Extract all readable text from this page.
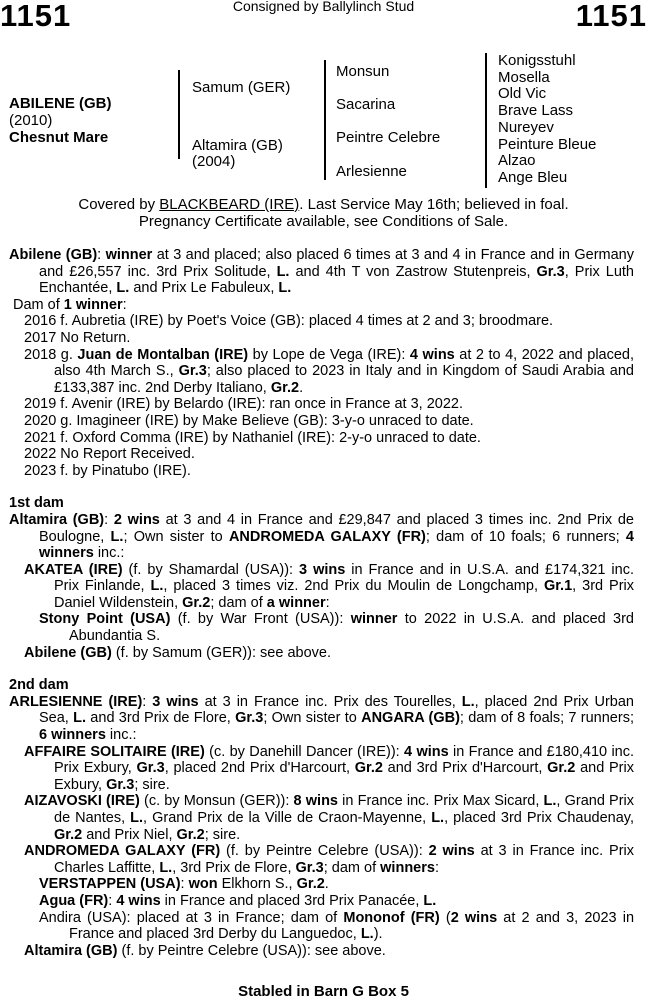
1151	Consigned by Ballylinch Stud	1151
ABILENE (GB)
(2010)
Chesnut Mare
Samum (GER)
Altamira (GB)
(2004)
Monsun
Sacarina
Peintre Celebre
Arlesienne
Konigsstuhl
Mosella
Old Vic
Brave Lass
Nureyev
Peinture Bleue
Alzao
Ange Bleu
Covered by BLACKBEARD (IRE). Last Service May 16th; believed in foal.
Pregnancy Certificate available, see Conditions of Sale.

Abilene (GB): winner at 3 and placed; also placed 6 times at 3 and 4 in France and in Germany and £26,557 inc. 3rd Prix Solitude, L. and 4th T von Zastrow Stutenpreis, Gr.3, Prix Luth Enchantée, L. and Prix Le Fabuleux, L.

Dam of 1 winner:

2016 f. Aubretia (IRE) by Poet's Voice (GB): placed 4 times at 2 and 3; broodmare.

2017 No Return.

2018 g. Juan de Montalban (IRE) by Lope de Vega (IRE): 4 wins at 2 to 4, 2022 and placed, also 4th March S., Gr.3; also placed to 2023 in Italy and in Kingdom of Saudi Arabia and £133,387 inc. 2nd Derby Italiano, Gr.2.

2019 f. Avenir (IRE) by Belardo (IRE): ran once in France at 3, 2022.

2020 g. Imagineer (IRE) by Make Believe (GB): 3-y-o unraced to date.

2021 f. Oxford Comma (IRE) by Nathaniel (IRE): 2-y-o unraced to date.

2022 No Report Received.

2023 f. by Pinatubo (IRE).

1st dam

Altamira (GB): 2 wins at 3 and 4 in France and £29,847 and placed 3 times inc. 2nd Prix de Boulogne, L.; Own sister to ANDROMEDA GALAXY (FR); dam of 10 foals; 6 runners; 4 winners inc.:

AKATEA (IRE) (f. by Shamardal (USA)): 3 wins in France and in U.S.A. and £174,321 inc. Prix Finlande, L., placed 3 times viz. 2nd Prix du Moulin de Longchamp, Gr.1, 3rd Prix Daniel Wildenstein, Gr.2; dam of a winner:

Stony Point (USA) (f. by War Front (USA)): winner to 2022 in U.S.A. and placed 3rd Abundantia S.

Abilene (GB) (f. by Samum (GER)): see above.

2nd dam

ARLESIENNE (IRE): 3 wins at 3 in France inc. Prix des Tourelles, L., placed 2nd Prix Urban Sea, L. and 3rd Prix de Flore, Gr.3; Own sister to ANGARA (GB); dam of 8 foals; 7 runners; 6 winners inc.:

AFFAIRE SOLITAIRE (IRE) (c. by Danehill Dancer (IRE)): 4 wins in France and £180,410 inc. Prix Exbury, Gr.3, placed 2nd Prix d'Harcourt, Gr.2 and 3rd Prix d'Harcourt, Gr.2 and Prix Exbury, Gr.3; sire.

AIZAVOSKI (IRE) (c. by Monsun (GER)): 8 wins in France inc. Prix Max Sicard, L., Grand Prix de Nantes, L., Grand Prix de la Ville de Craon-Mayenne, L., placed 3rd Prix Chaudenay, Gr.2 and Prix Niel, Gr.2; sire.

ANDROMEDA GALAXY (FR) (f. by Peintre Celebre (USA)): 2 wins at 3 in France inc. Prix Charles Laffitte, L., 3rd Prix de Flore, Gr.3; dam of winners:

VERSTAPPEN (USA): won Elkhorn S., Gr.2.

Agua (FR): 4 wins in France and placed 3rd Prix Panacée, L.

Andira (USA): placed at 3 in France; dam of Mononof (FR) (2 wins at 2 and 3, 2023 in France and placed 3rd Derby du Languedoc, L.).

Altamira (GB) (f. by Peintre Celebre (USA)): see above.

Stabled in Barn G Box 5
